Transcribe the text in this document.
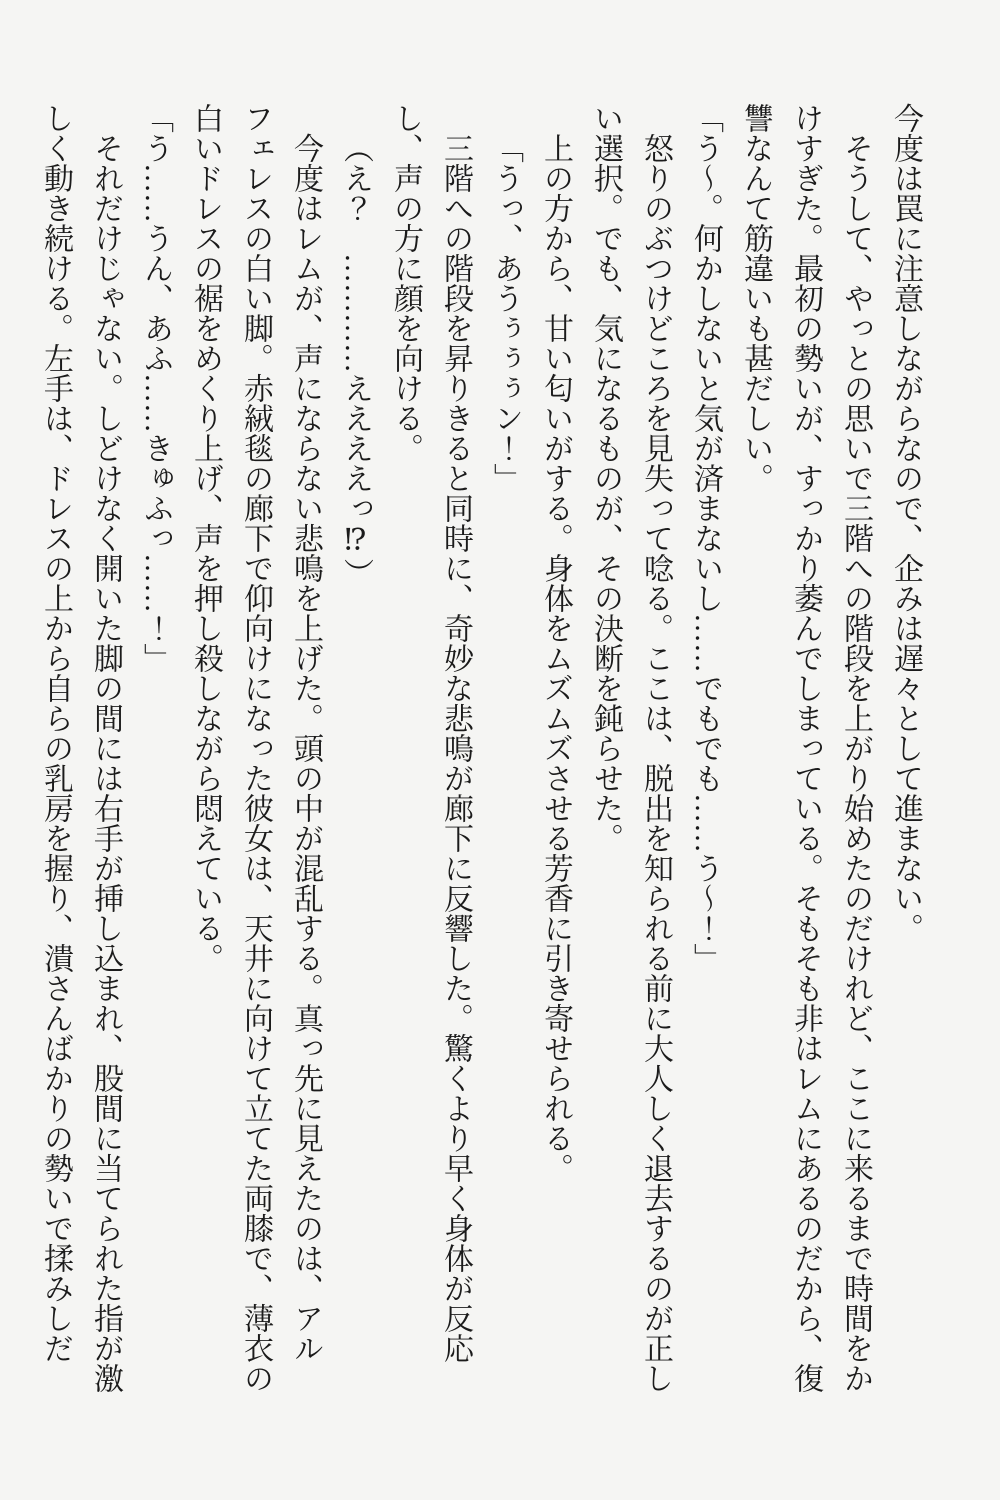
今度は罠に注意しながらなので、企みは遅々として進まない。
そうして、やっとの思いで三階への階段を上がり始めたのだけれど、ここに来るまで時間をか
けすぎた。最初の勢いが、すっかり萎んでしまっている。そもそも非はレムにあるのだから、復
讐なんて筋違いも甚だしい。
「う～。何かしないと気が済まないし……でもでも……う～！」
怒りのぶつけどころを見失って唸る。ここは、脱出を知られる前に大人しく退去するのが正し
い選択。でも、気になるものが、その決断を鈍らせた。
上の方から、甘い匂いがする。身体をムズムズさせる芳香に引き寄せられる。
「うっ、あうぅぅぅン！」
三階への階段を昇りきると同時に、奇妙な悲鳴が廊下に反響した。驚くより早く身体が反応
し、声の方に顔を向ける。
（え？　…………ええええっ⁉）
今度はレムが、声にならない悲鳴を上げた。頭の中が混乱する。真っ先に見えたのは、アル
フェレスの白い脚。赤絨毯の廊下で仰向けになった彼女は、天井に向けて立てた両膝で、薄衣の
白いドレスの裾をめくり上げ、声を押し殺しながら悶えている。
「う……うん、あふ……きゅふっ……！」
それだけじゃない。しどけなく開いた脚の間には右手が挿し込まれ、股間に当てられた指が激
しく動き続ける。左手は、ドレスの上から自らの乳房を握り、潰さんばかりの勢いで揉みしだ
